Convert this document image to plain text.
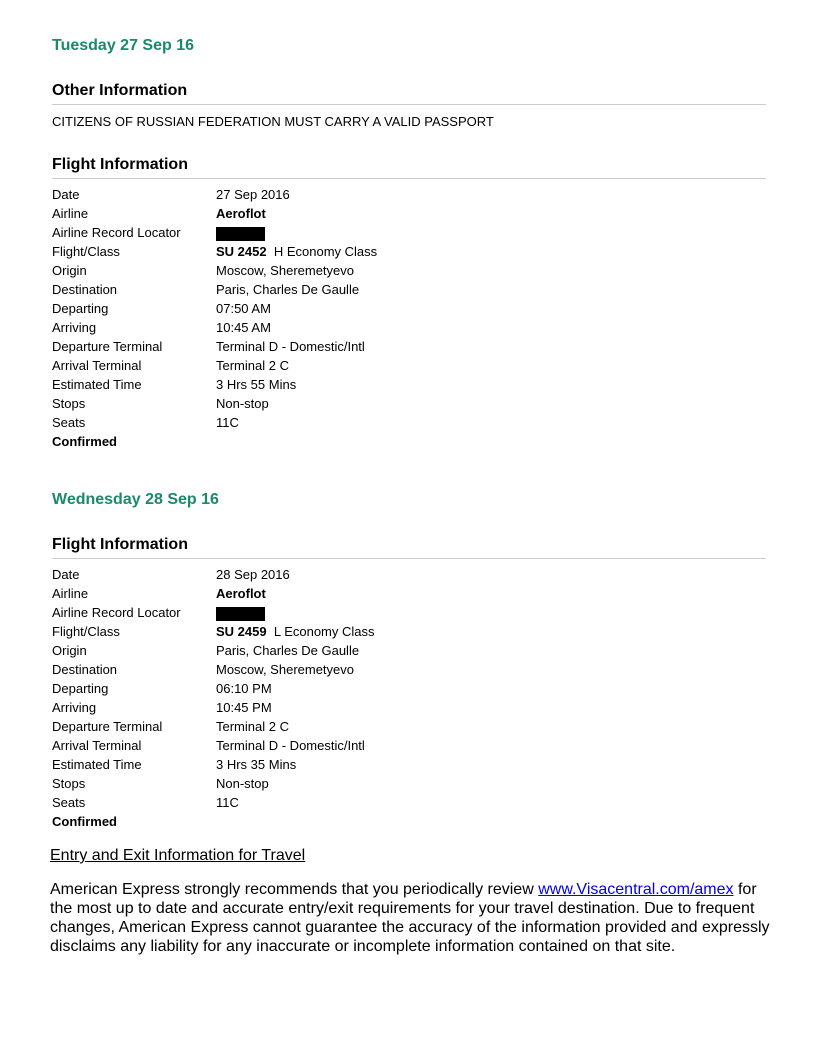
Tuesday 27 Sep 16
Other Information
CITIZENS OF RUSSIAN FEDERATION MUST CARRY A VALID PASSPORT
Flight Information
Date	27 Sep 2016
Airline	Aeroflot
Airline Record Locator
Flight/Class	SU 2452 H Economy Class
Origin	Moscow, Sheremetyevo
Destination	Paris, Charles De Gaulle
Departing	07:50 AM
Arriving	10:45 AM
Departure Terminal	Terminal D - Domestic/Intl
Arrival Terminal	Terminal 2 C
Estimated Time	3 Hrs 55 Mins
Stops	Non-stop
Seats	11C
Confirmed
Wednesday 28 Sep 16
Flight Information
Date	28 Sep 2016
Airline	Aeroflot
Airline Record Locator
Flight/Class	SU 2459 L Economy Class
Origin	Paris, Charles De Gaulle
Destination	Moscow, Sheremetyevo
Departing	06:10 PM
Arriving	10:45 PM
Departure Terminal	Terminal 2 C
Arrival Terminal	Terminal D - Domestic/Intl
Estimated Time	3 Hrs 35 Mins
Stops	Non-stop
Seats	11C
Confirmed
Entry and Exit Information for Travel
American Express strongly recommends that you periodically review www.Visacentral.com/amex for the most up to date and accurate entry/exit requirements for your travel destination. Due to frequent changes, American Express cannot guarantee the accuracy of the information provided and expressly disclaims any liability for any inaccurate or incomplete information contained on that site.
